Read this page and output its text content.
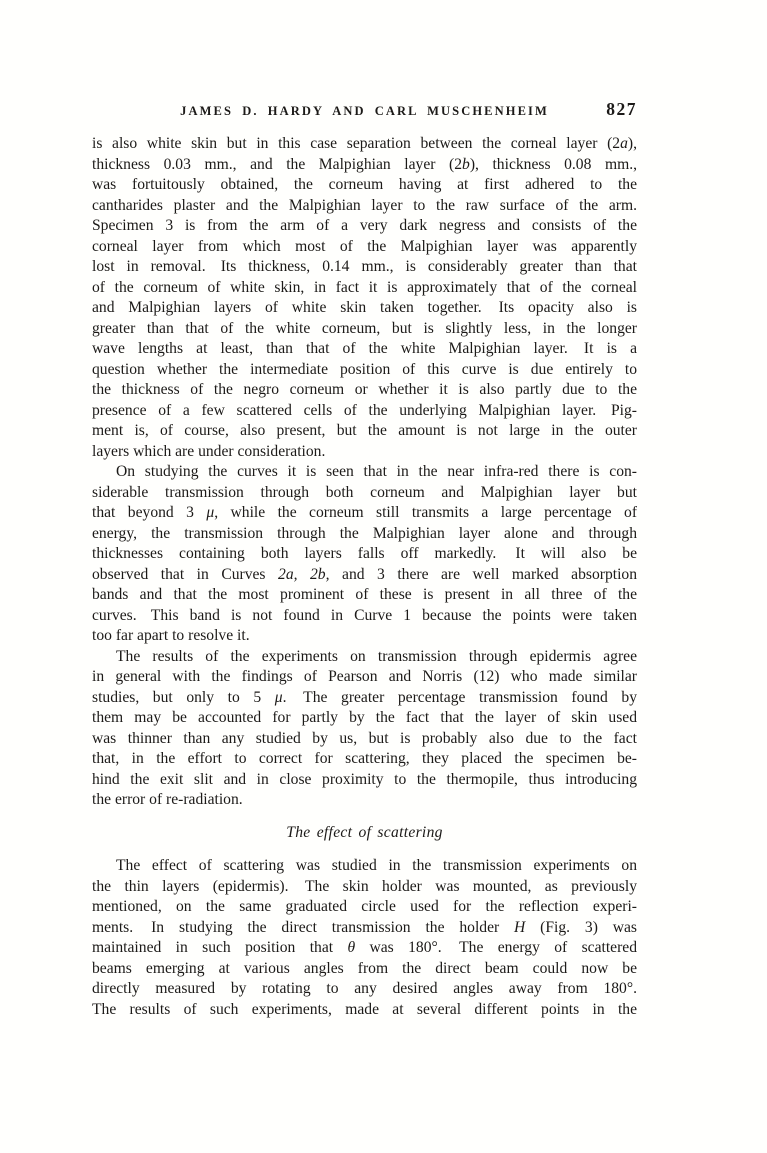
JAMES D. HARDY AND CARL MUSCHENHEIM	827
is also white skin but in this case separation between the corneal layer (2a),
thickness 0.03 mm., and the Malpighian layer (2b), thickness 0.08 mm.,
was fortuitously obtained, the corneum having at first adhered to the
cantharides plaster and the Malpighian layer to the raw surface of the arm.
Specimen 3 is from the arm of a very dark negress and consists of the
corneal layer from which most of the Malpighian layer was apparently
lost in removal.  Its thickness, 0.14 mm., is considerably greater than that
of the corneum of white skin, in fact it is approximately that of the corneal
and Malpighian layers of white skin taken together.  Its opacity also is
greater than that of the white corneum, but is slightly less, in the longer
wave lengths at least, than that of the white Malpighian layer.  It is a
question whether the intermediate position of this curve is due entirely to
the thickness of the negro corneum or whether it is also partly due to the
presence of a few scattered cells of the underlying Malpighian layer.  Pig-
ment is, of course, also present, but the amount is not large in the outer
layers which are under consideration.
On studying the curves it is seen that in the near infra-red there is con-
siderable transmission through both corneum and Malpighian layer but
that beyond 3 μ, while the corneum still transmits a large percentage of
energy, the transmission through the Malpighian layer alone and through
thicknesses containing both layers falls off markedly.  It will also be
observed that in Curves 2a, 2b, and 3 there are well marked absorption
bands and that the most prominent of these is present in all three of the
curves.  This band is not found in Curve 1 because the points were taken
too far apart to resolve it.
The results of the experiments on transmission through epidermis agree
in general with the findings of Pearson and Norris (12) who made similar
studies, but only to 5 μ.  The greater percentage transmission found by
them may be accounted for partly by the fact that the layer of skin used
was thinner than any studied by us, but is probably also due to the fact
that, in the effort to correct for scattering, they placed the specimen be-
hind the exit slit and in close proximity to the thermopile, thus introducing
the error of re-radiation.
The effect of scattering
The effect of scattering was studied in the transmission experiments on
the thin layers (epidermis).  The skin holder was mounted, as previously
mentioned, on the same graduated circle used for the reflection experi-
ments.  In studying the direct transmission the holder H (Fig. 3) was
maintained in such position that θ was 180°.  The energy of scattered
beams emerging at various angles from the direct beam could now be
directly measured by rotating to any desired angles away from 180°.
The results of such experiments, made at several different points in the
